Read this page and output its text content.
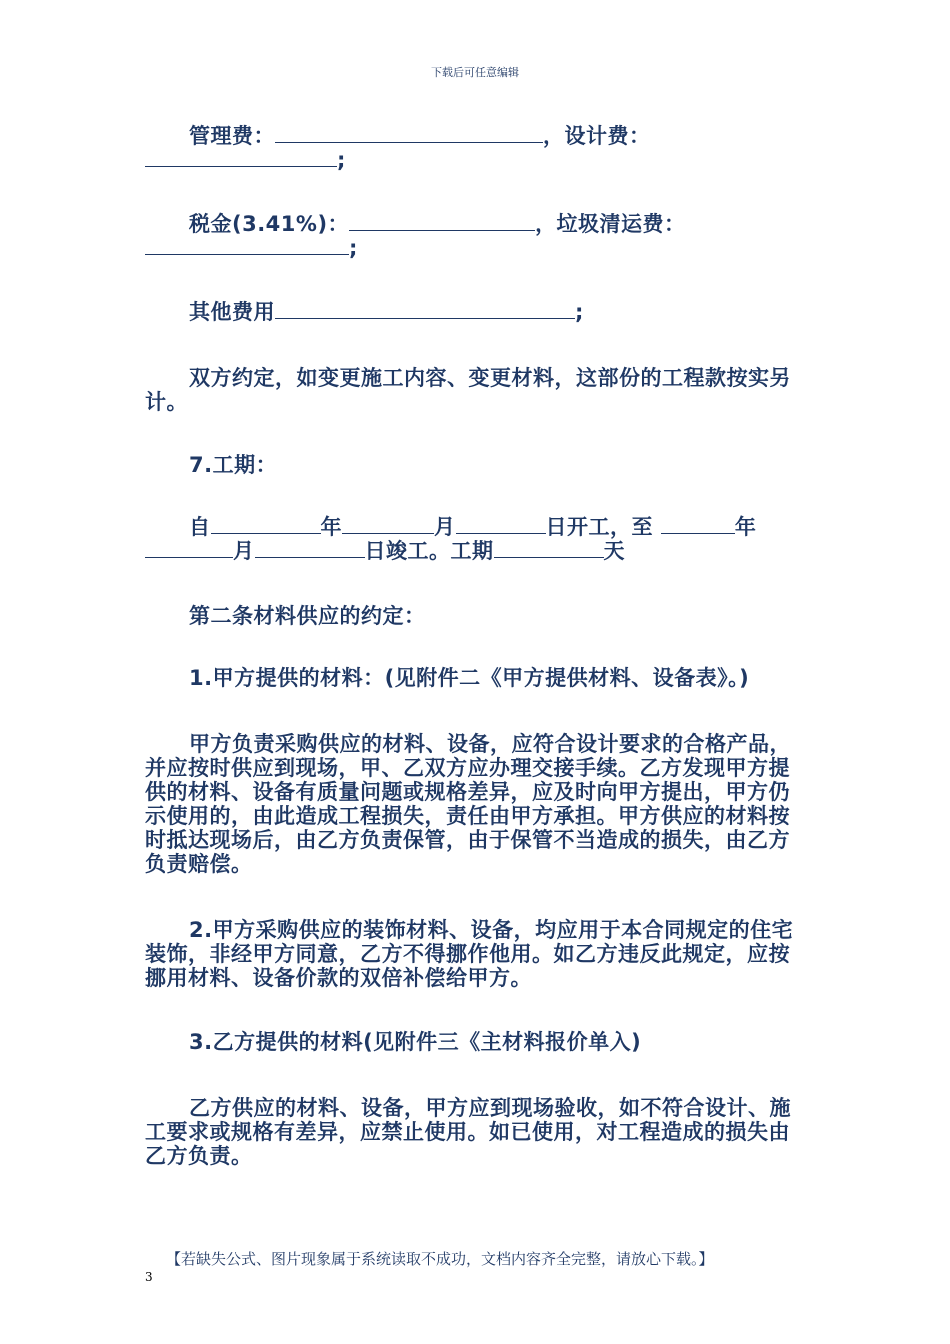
下载后可任意编辑
管理费：	，设计费：
;
税金(3.41%)：	，垃圾清运费：
;
其他费用	;
双方约定，如变更施工内容、变更材料，这部份的工程款按实另计。
7.工期：
自	年	月	日开工，至	年
月	日竣工。工期	天
第二条材料供应的约定：
1.甲方提供的材料：(见附件二《甲方提供材料、设备表》。)
甲方负责采购供应的材料、设备，应符合设计要求的合格产品，并应按时供应到现场，甲、乙双方应办理交接手续。乙方发现甲方提供的材料、设备有质量问题或规格差异，应及时向甲方提出，甲方仍示使用的，由此造成工程损失，责任由甲方承担。甲方供应的材料按时抵达现场后，由乙方负责保管，由于保管不当造成的损失，由乙方负责赔偿。
2.甲方采购供应的装饰材料、设备，均应用于本合同规定的住宅装饰，非经甲方同意，乙方不得挪作他用。如乙方违反此规定，应按挪用材料、设备价款的双倍补偿给甲方。
3.乙方提供的材料(见附件三《主材料报价单入)
乙方供应的材料、设备，甲方应到现场验收，如不符合设计、施工要求或规格有差异，应禁止使用。如已使用，对工程造成的损失由乙方负责。
【若缺失公式、图片现象属于系统读取不成功，文档内容齐全完整，请放心下载。】
3
